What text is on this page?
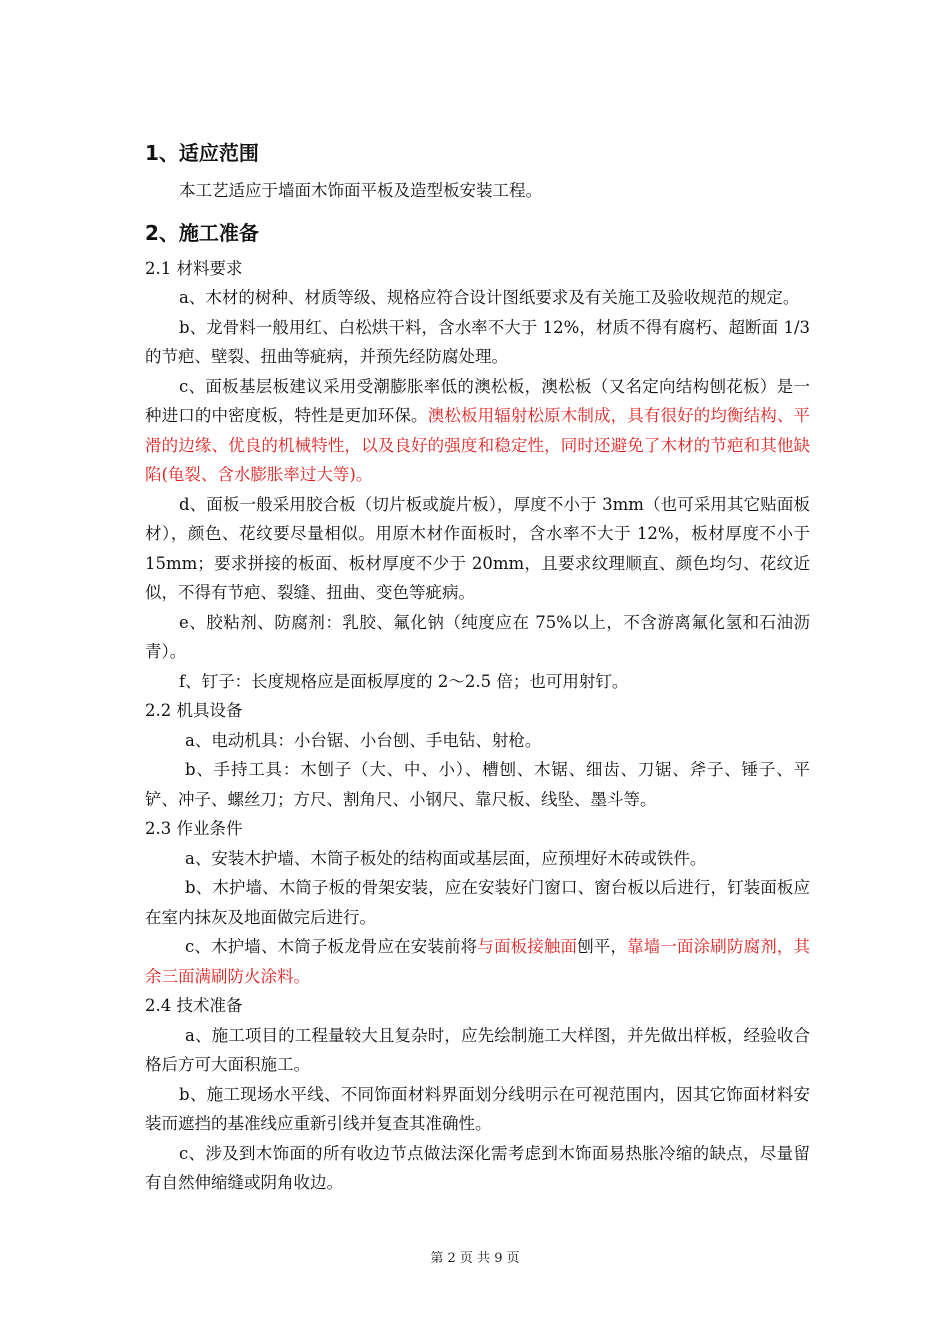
1、适应范围

本工艺适应于墙面木饰面平板及造型板安装工程。

2、施工准备

2.1 材料要求

a、木材的树种、材质等级、规格应符合设计图纸要求及有关施工及验收规范的规定。

b、龙骨料一般用红、白松烘干料，含水率不大于 12%，材质不得有腐朽、超断面 1/3 的节疤、壁裂、扭曲等疵病，并预先经防腐处理。

c、面板基层板建议采用受潮膨胀率低的澳松板，澳松板（又名定向结构刨花板）是一种进口的中密度板，特性是更加环保。澳松板用辐射松原木制成，具有很好的均衡结构、平滑的边缘、优良的机械特性，以及良好的强度和稳定性，同时还避免了木材的节疤和其他缺陷(龟裂、含水膨胀率过大等)。

d、面板一般采用胶合板（切片板或旋片板），厚度不小于 3mm（也可采用其它贴面板材），颜色、花纹要尽量相似。用原木材作面板时，含水率不大于 12%，板材厚度不小于 15mm；要求拼接的板面、板材厚度不少于 20mm，且要求纹理顺直、颜色均匀、花纹近似，不得有节疤、裂缝、扭曲、变色等疵病。

e、胶粘剂、防腐剂：乳胶、氟化钠（纯度应在 75%以上，不含游离氟化氢和石油沥青）。

f、钉子：长度规格应是面板厚度的 2～2.5 倍；也可用射钉。

2.2 机具设备

a、电动机具：小台锯、小台刨、手电钻、射枪。

b、手持工具：木刨子（大、中、小）、槽刨、木锯、细齿、刀锯、斧子、锤子、平铲、冲子、螺丝刀；方尺、割角尺、小钢尺、靠尺板、线坠、墨斗等。

2.3 作业条件

a、安装木护墙、木筒子板处的结构面或基层面，应预埋好木砖或铁件。

b、木护墙、木筒子板的骨架安装，应在安装好门窗口、窗台板以后进行，钉装面板应在室内抹灰及地面做完后进行。

c、木护墙、木筒子板龙骨应在安装前将与面板接触面刨平，靠墙一面涂刷防腐剂，其余三面满刷防火涂料。

2.4 技术准备

a、施工项目的工程量较大且复杂时，应先绘制施工大样图，并先做出样板，经验收合格后方可大面积施工。

b、施工现场水平线、不同饰面材料界面划分线明示在可视范围内，因其它饰面材料安装而遮挡的基准线应重新引线并复查其准确性。

c、涉及到木饰面的所有收边节点做法深化需考虑到木饰面易热胀冷缩的缺点，尽量留有自然伸缩缝或阴角收边。

第 2 页 共 9 页
